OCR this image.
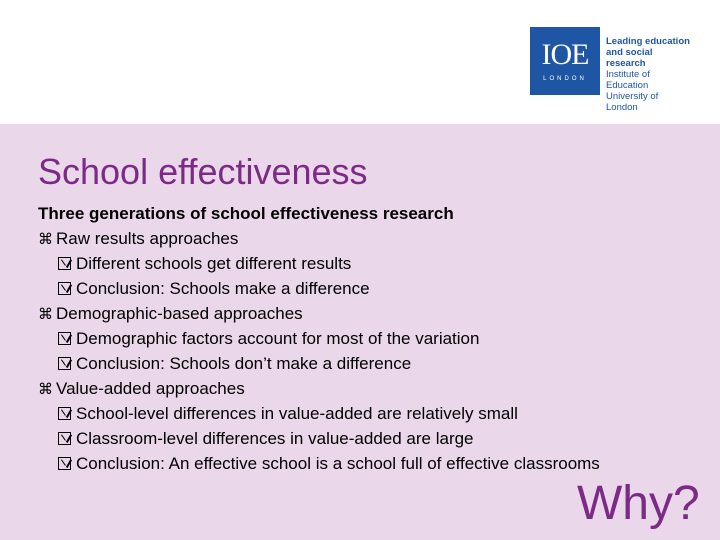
IOE
LONDON
Leading education
and social research
Institute of Education
University of London
School effectiveness
Three generations of school effectiveness research
⌘ Raw results approaches
Different schools get different results
Conclusion: Schools make a difference
⌘ Demographic-based approaches
Demographic factors account for most of the variation
Conclusion: Schools don’t make a difference
⌘ Value-added approaches
School-level differences in value-added are relatively small
Classroom-level differences in value-added are large
Conclusion: An effective school is a school full of effective classrooms
Why?
